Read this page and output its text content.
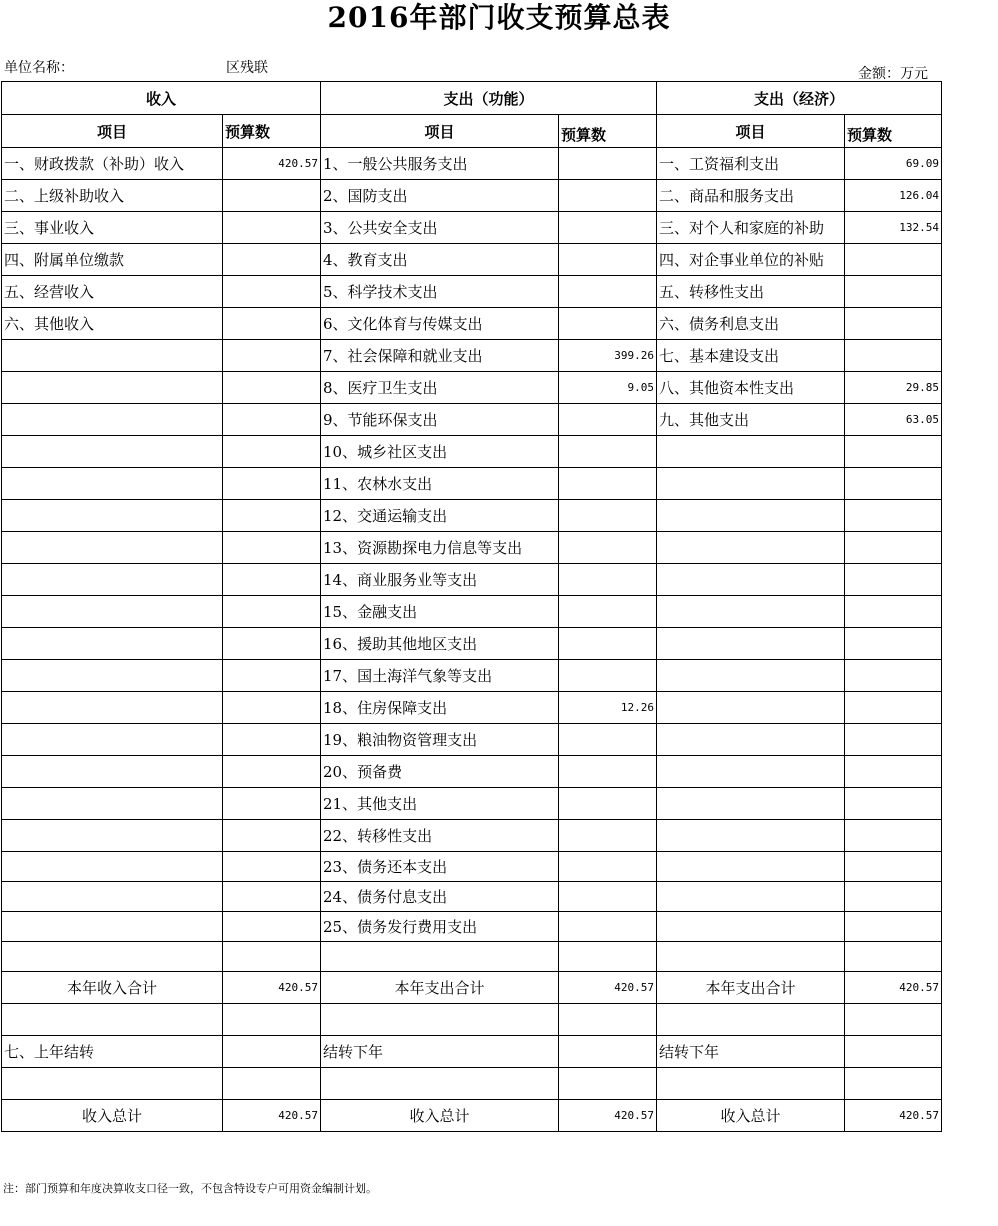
2016年部门收支预算总表
单位名称：	区残联	金额：万元
收入		支出（功能）		支出（经济）	
项目	预算数	项目	预算数	项目	预算数
一、财政拨款（补助）收入	420.57	1、一般公共服务支出		一、工资福利支出	69.09
二、上级补助收入		2、国防支出		二、商品和服务支出	126.04
三、事业收入		3、公共安全支出		三、对个人和家庭的补助	132.54
四、附属单位缴款		4、教育支出		四、对企事业单位的补贴	
五、经营收入		5、科学技术支出		五、转移性支出	
六、其他收入		6、文化体育与传媒支出		六、债务利息支出	
		7、社会保障和就业支出	399.26	七、基本建设支出	
		8、医疗卫生支出	9.05	八、其他资本性支出	29.85
		9、节能环保支出		九、其他支出	63.05
		10、城乡社区支出			
		11、农林水支出			
		12、交通运输支出			
		13、资源勘探电力信息等支出			
		14、商业服务业等支出			
		15、金融支出			
		16、援助其他地区支出			
		17、国土海洋气象等支出			
		18、住房保障支出	12.26		
		19、粮油物资管理支出			
		20、预备费			
		21、其他支出			
		22、转移性支出			
		23、债务还本支出			
		24、债务付息支出			
		25、债务发行费用支出			

本年收入合计	420.57	本年支出合计	420.57	本年支出合计	420.57

七、上年结转		结转下年		结转下年	

收入总计	420.57	收入总计	420.57	收入总计	420.57
注：部门预算和年度决算收支口径一致，不包含特设专户可用资金编制计划。
